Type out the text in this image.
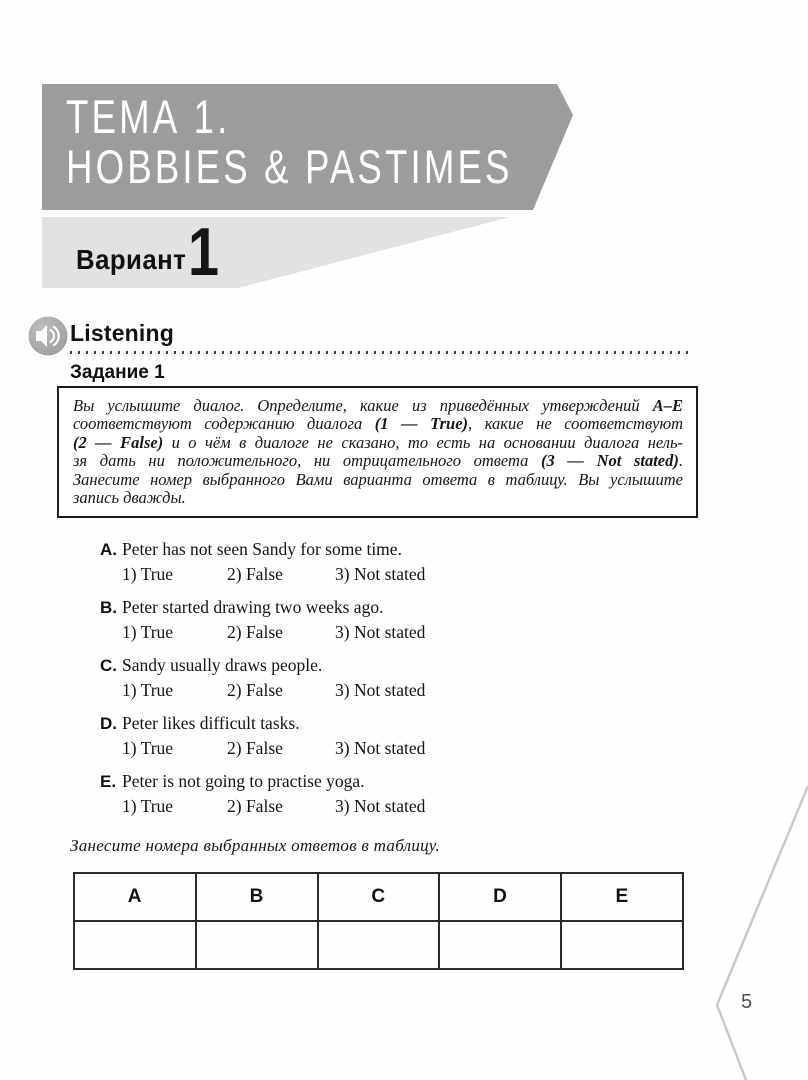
ТЕМА 1.
HOBBIES & PASTIMES
Вариант 1
Listening
Задание 1
Вы услышите диалог. Определите, какие из приведённых утверждений А–Е
соответствуют содержанию диалога (1 — True), какие не соответствуют
(2 — False) и о чём в диалоге не сказано, то есть на основании диалога нель-
зя дать ни положительного, ни отрицательного ответа (3 — Not stated).
Занесите номер выбранного Вами варианта ответа в таблицу. Вы услышите
запись дважды.
A. Peter has not seen Sandy for some time.
1) True	2) False	3) Not stated
B. Peter started drawing two weeks ago.
1) True	2) False	3) Not stated
C. Sandy usually draws people.
1) True	2) False	3) Not stated
D. Peter likes difficult tasks.
1) True	2) False	3) Not stated
E. Peter is not going to practise yoga.
1) True	2) False	3) Not stated
Занесите номера выбранных ответов в таблицу.
A	B	C	D	E

5
